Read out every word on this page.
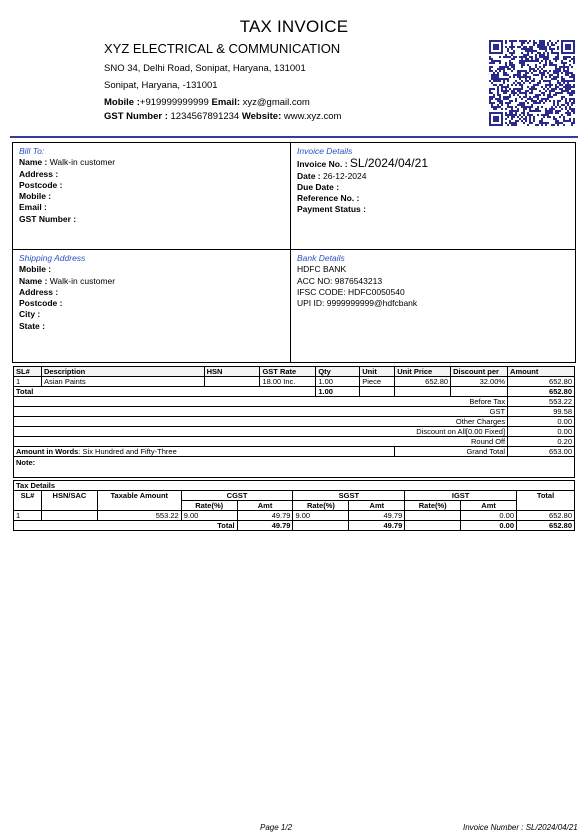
TAX INVOICE
XYZ ELECTRICAL & COMMUNICATION
SNO 34, Delhi Road, Sonipat, Haryana, 131001
Sonipat, Haryana, -131001
Mobile :+919999999999 Email: xyz@gmail.com
GST Number : 1234567891234 Website: www.xyz.com
Bill To:
Name : Walk-in customer
Address :
Postcode :
Mobile :
Email :
GST Number :
Invoice Details
Invoice No. : SL/2024/04/21
Date : 26-12-2024
Due Date :
Reference No. :
Payment Status :
Shipping Address
Mobile :
Name : Walk-in customer
Address :
Postcode :
City :
State :
Bank Details
HDFC BANK
ACC NO: 9876543213
IFSC CODE: HDFC0050540
UPI ID: 9999999999@hdfcbank
SL#	Description	HSN	GST Rate	Qty	Unit	Unit Price	Discount per	Amount
1	Asian Paints		18.00 Inc.	1.00	Piece	652.80	32.00%	652.80
Total				1.00				652.80
	Before Tax	553.22
	GST	99.58
	Other Charges	0.00
	Discount on All[0.00 Fixed]	0.00
	Round Off	0.20
Amount in Words: Six Hundred and Fifty-Three	Grand Total	653.00
Note:		
Tax Details									
SL#	HSN/SAC	Taxable Amount	CGST		SGST		IGST		Total
			Rate(%)	Amt	Rate(%)	Amt	Rate(%)	Amt	
1		553.22	9.00	49.79	9.00	49.79		0.00	652.80
			Total	49.79		49.79		0.00	652.80
Page 1/2	Invoice Number : SL/2024/04/21
